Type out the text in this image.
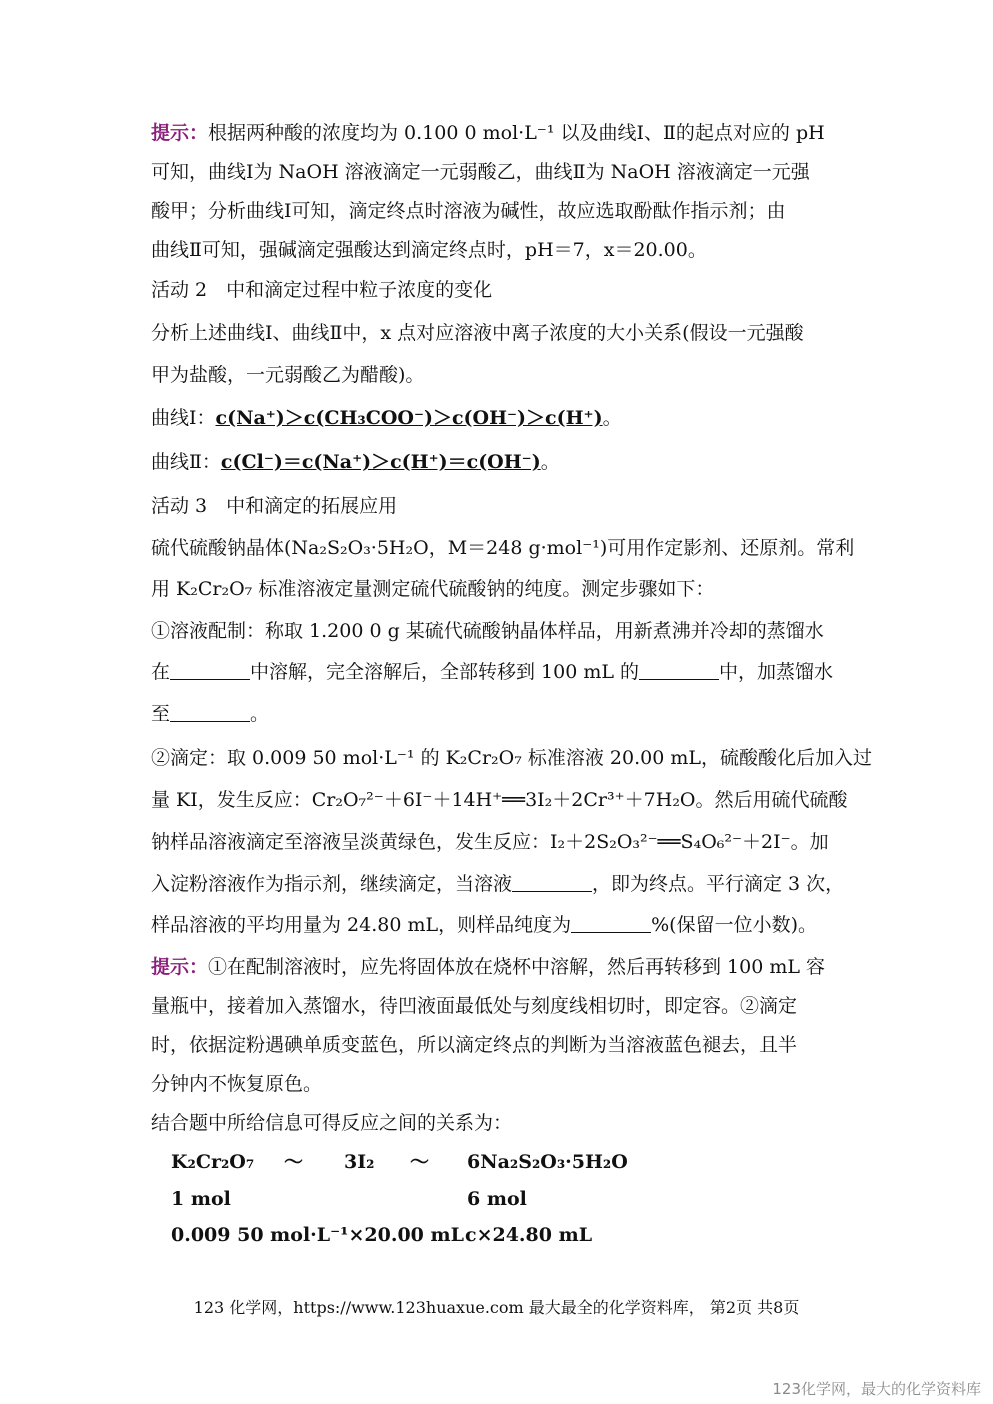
提示：根据两种酸的浓度均为 0.100 0 mol·L⁻¹ 以及曲线Ⅰ、Ⅱ的起点对应的 pH
可知，曲线Ⅰ为 NaOH 溶液滴定一元弱酸乙，曲线Ⅱ为 NaOH 溶液滴定一元强
酸甲；分析曲线Ⅰ可知，滴定终点时溶液为碱性，故应选取酚酞作指示剂；由
曲线Ⅱ可知，强碱滴定强酸达到滴定终点时，pH＝7，x＝20.00。
活动 2　中和滴定过程中粒子浓度的变化
分析上述曲线Ⅰ、曲线Ⅱ中，x 点对应溶液中离子浓度的大小关系(假设一元强酸
甲为盐酸，一元弱酸乙为醋酸)。
曲线Ⅰ：c(Na⁺)＞c(CH₃COO⁻)＞c(OH⁻)＞c(H⁺)。
曲线Ⅱ：c(Cl⁻)＝c(Na⁺)＞c(H⁺)＝c(OH⁻)。
活动 3　中和滴定的拓展应用
硫代硫酸钠晶体(Na₂S₂O₃·5H₂O，M＝248 g·mol⁻¹)可用作定影剂、还原剂。常利
用 K₂Cr₂O₇ 标准溶液定量测定硫代硫酸钠的纯度。测定步骤如下：
①溶液配制：称取 1.200 0 g 某硫代硫酸钠晶体样品，用新煮沸并冷却的蒸馏水
在	中溶解，完全溶解后，全部转移到 100 mL 的	中，加蒸馏水
至	。
②滴定：取 0.009 50 mol·L⁻¹ 的 K₂Cr₂O₇ 标准溶液 20.00 mL，硫酸酸化后加入过
量 KI，发生反应：Cr₂O₇²⁻＋6I⁻＋14H⁺══3I₂＋2Cr³⁺＋7H₂O。然后用硫代硫酸
钠样品溶液滴定至溶液呈淡黄绿色，发生反应：I₂＋2S₂O₃²⁻══S₄O₆²⁻＋2I⁻。加
入淀粉溶液作为指示剂，继续滴定，当溶液	，即为终点。平行滴定 3 次，
样品溶液的平均用量为 24.80 mL，则样品纯度为	%(保留一位小数)。
提示：①在配制溶液时，应先将固体放在烧杯中溶解，然后再转移到 100 mL 容
量瓶中，接着加入蒸馏水，待凹液面最低处与刻度线相切时，即定容。②滴定
时，依据淀粉遇碘单质变蓝色，所以滴定终点的判断为当溶液蓝色褪去，且半
分钟内不恢复原色。
结合题中所给信息可得反应之间的关系为：
K₂Cr₂O₇ ～ 3I₂ ～ 6Na₂S₂O₃·5H₂O
1 mol	6 mol
0.009 50 mol·L⁻¹×20.00 mL c×24.80 mL
123 化学网，https://www.123huaxue.com 最大最全的化学资料库， 第2页 共8页
123化学网，最大的化学资料库
